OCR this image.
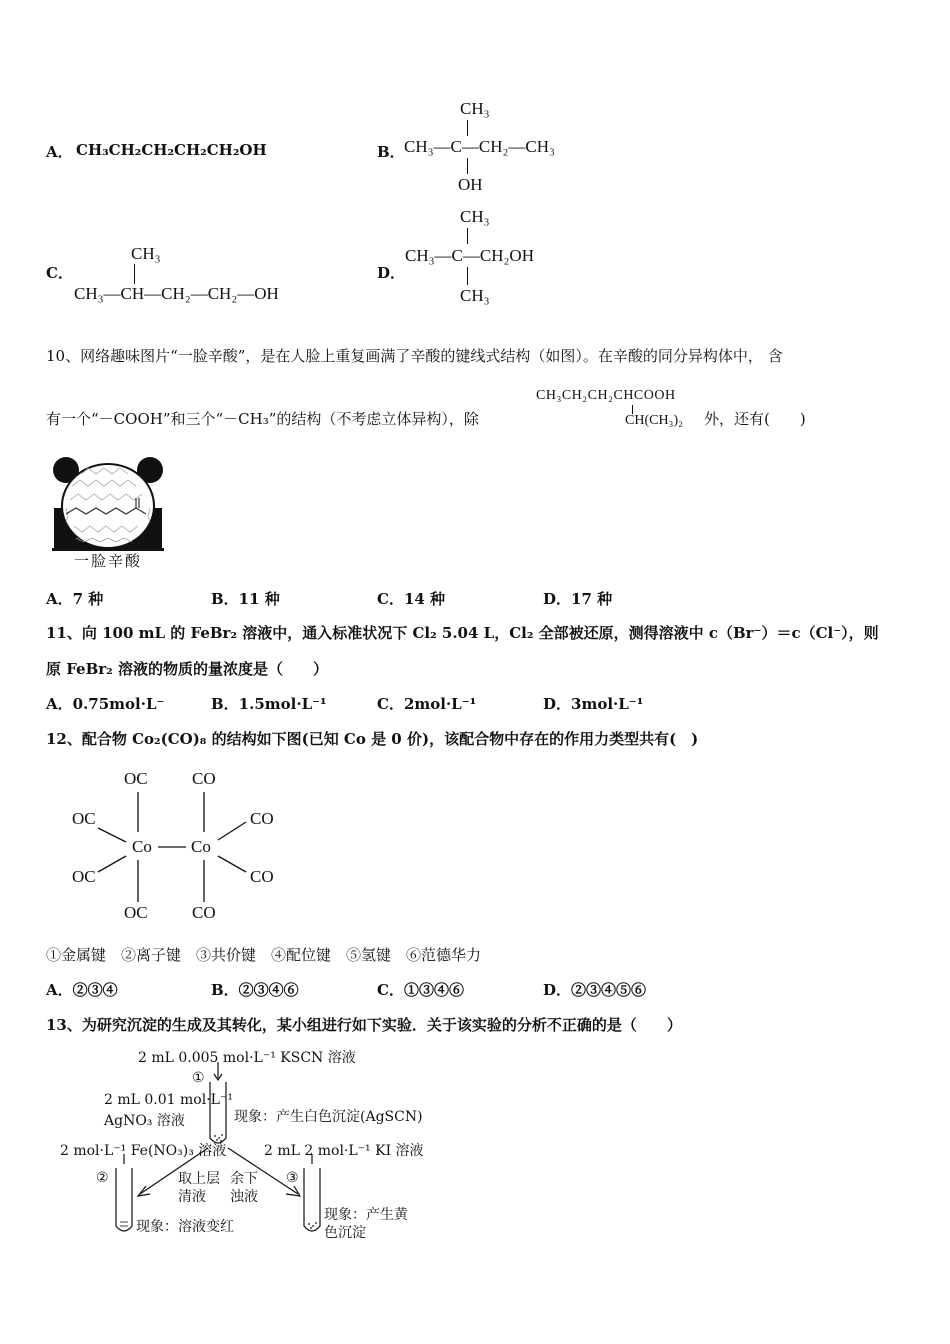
A． CH₃CH₂CH₂CH₂CH₂OH	B．
CH₃
CH₃—C—CH₂—CH₃
OH
C．
CH₃
CH₃—CH—CH₂—CH₂—OH
D．
CH₃
CH₃—C—CH₂OH
CH₃
10、网络趣味图片“一脸辛酸”，是在人脸上重复画满了辛酸的键线式结构（如图）。在辛酸的同分异构体中， 含
有一个“－COOH”和三个“－CH₃”的结构（不考虑立体异构），除
CH₃CH₂CH₂CHCOOH
CH(CH₃)₂ 外，还有(　　)
一脸辛酸
A．7 种	B．11 种	C．14 种	D．17 种
11、向 100 mL 的 FeBr₂ 溶液中，通入标准状况下 Cl₂ 5.04 L，Cl₂ 全部被还原，测得溶液中 c（Br⁻）＝c（Cl⁻），则
原 FeBr₂ 溶液的物质的量浓度是（　　）
A．0.75mol·L⁻	B．1.5mol·L⁻¹	C．2mol·L⁻¹	D．3mol·L⁻¹
12、配合物 Co₂(CO)₈ 的结构如下图(已知 Co 是 0 价)，该配合物中存在的作用力类型共有(　)
OC
OC
OC
OC
Co Co
CO
CO
CO
CO
①金属键　②离子键　③共价键　④配位键　⑤氢键　⑥范德华力
A．②③④	B．②③④⑥	C．①③④⑥	D．②③④⑤⑥
13、为研究沉淀的生成及其转化，某小组进行如下实验．关于该实验的分析不正确的是（　　）
2 mL 0.005 mol·L⁻¹ KSCN 溶液
①
2 mL 0.01 mol·L⁻¹
AgNO₃ 溶液	现象：产生白色沉淀(AgSCN)
2 mol·L⁻¹ Fe(NO₃)₃ 溶液	2 mL 2 mol·L⁻¹ KI 溶液
②	③
取上层
清液
余下
浊液
现象：溶液变红
现象：产生黄
色沉淀
